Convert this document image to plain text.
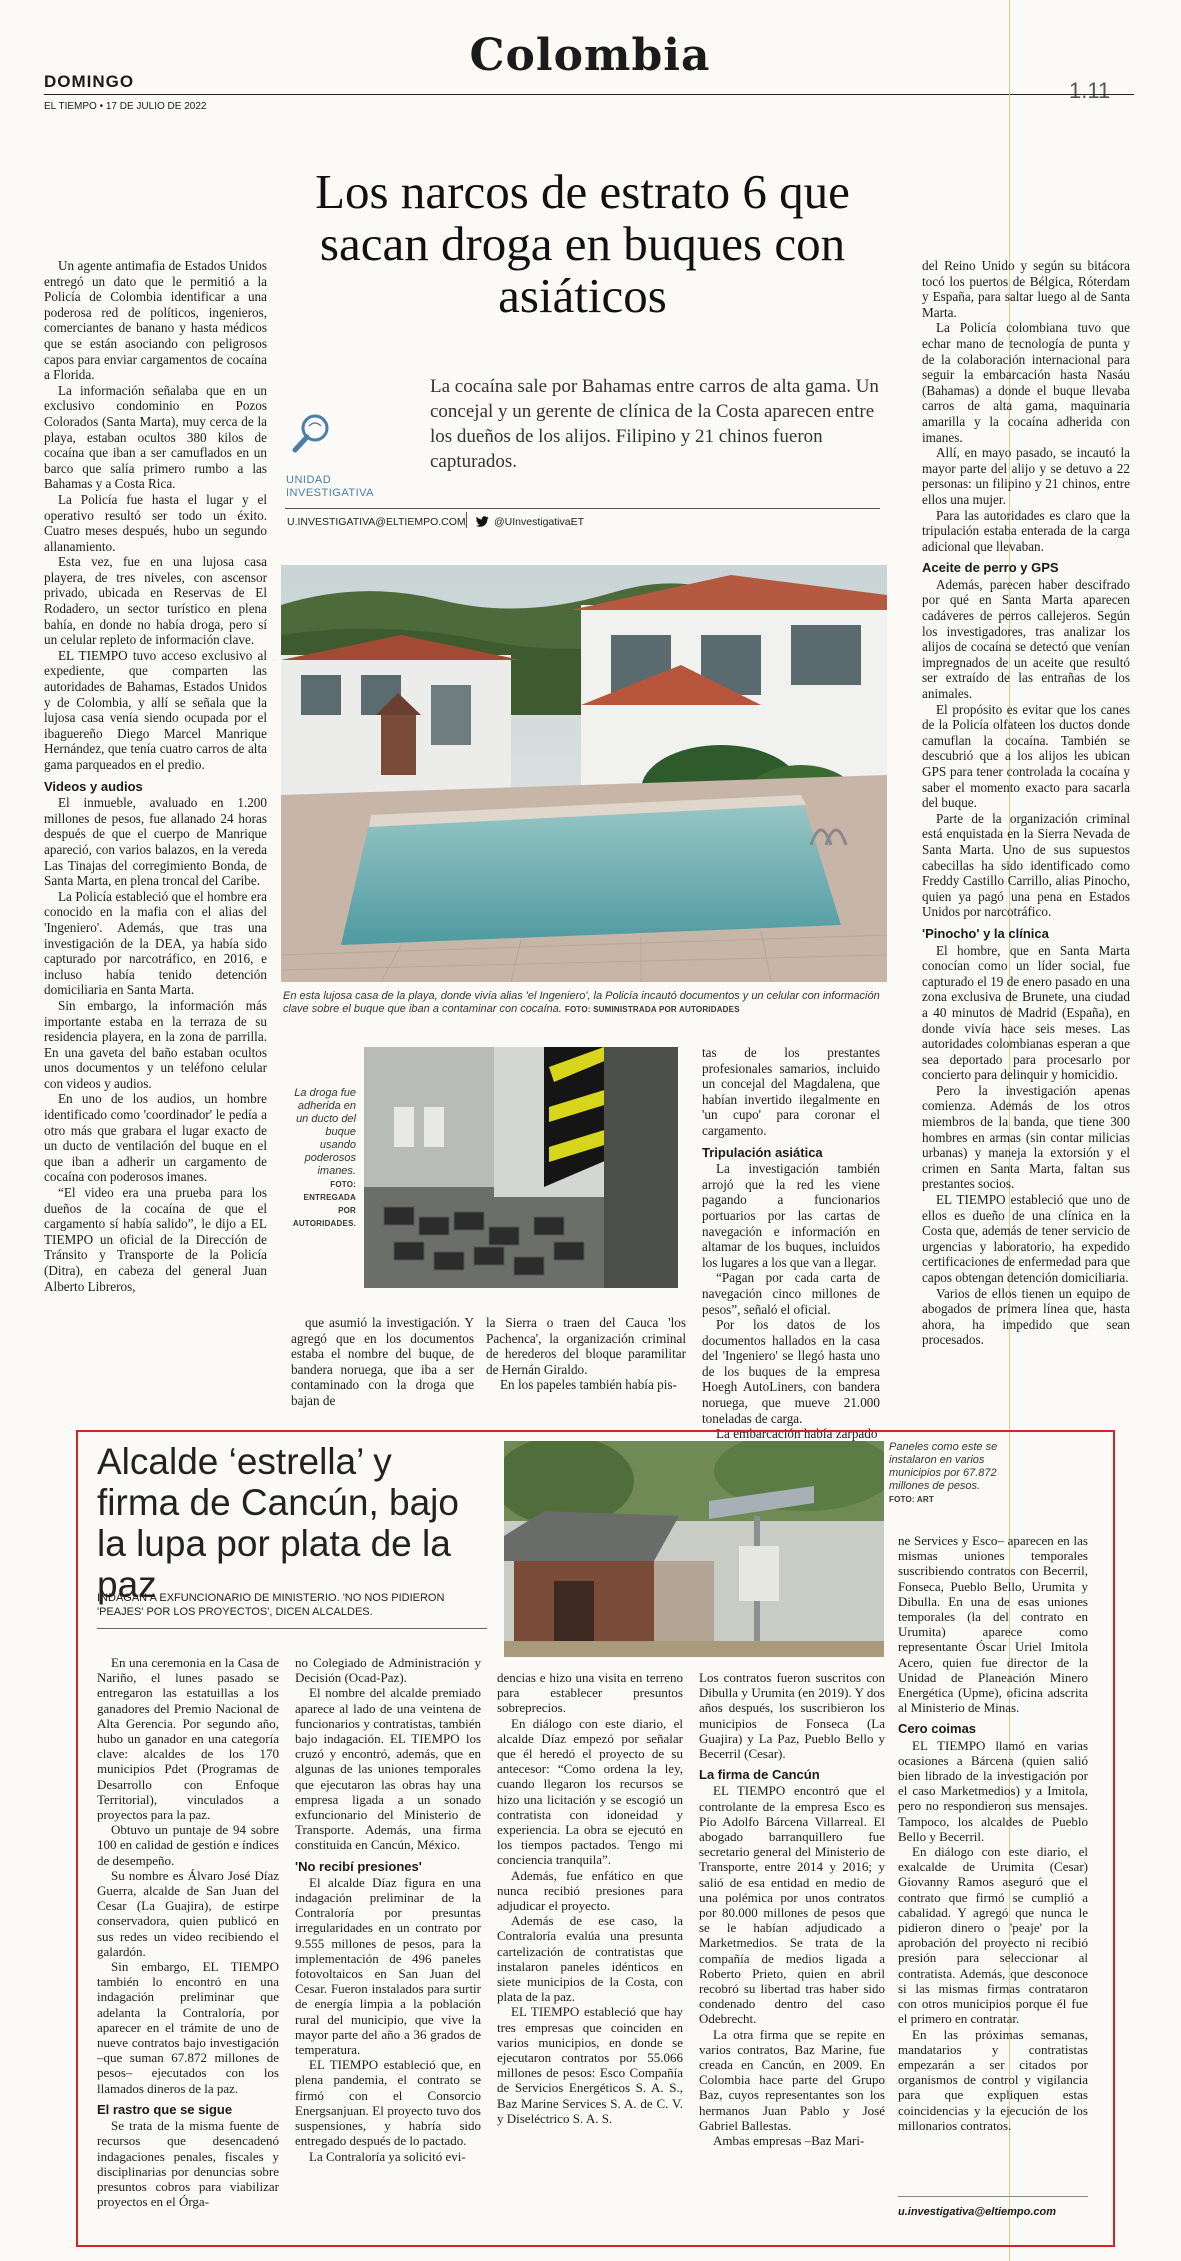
DOMINGO
EL TIEMPO • 17 DE JULIO DE 2022
Colombia
1.11
Los narcos de estrato 6 que sacan droga en buques con asiáticos
La cocaína sale por Bahamas entre carros de alta gama. Un concejal y un gerente de clínica de la Costa aparecen entre los dueños de los alijos. Filipino y 21 chinos fueron capturados.
UNIDAD
INVESTIGATIVA
U.INVESTIGATIVA@ELTIEMPO.COM	@UInvestigativaET
En esta lujosa casa de la playa, donde vivía alias 'el Ingeniero', la Policía incautó documentos y un celular con información clave sobre el buque que iban a contaminar con cocaína. FOTO: SUMINISTRADA POR AUTORIDADES
La droga fue adherida en un ducto del buque usando poderosos imanes. FOTO: ENTREGADA POR AUTORIDADES.

Un agente antimafia de Estados Unidos entregó un dato que le permitió a la Policía de Colombia identificar a una poderosa red de políticos, ingenieros, comerciantes de banano y hasta médicos que se están asociando con peligrosos capos para enviar cargamentos de cocaína a Florida.

La información señalaba que en un exclusivo condominio en Pozos Colorados (Santa Marta), muy cerca de la playa, estaban ocultos 380 kilos de cocaína que iban a ser camuflados en un barco que salía primero rumbo a las Bahamas y a Costa Rica.

La Policía fue hasta el lugar y el operativo resultó ser todo un éxito. Cuatro meses después, hubo un segundo allanamiento.

Esta vez, fue en una lujosa casa playera, de tres niveles, con ascensor privado, ubicada en Reservas de El Rodadero, un sector turístico en plena bahía, en donde no había droga, pero sí un celular repleto de información clave.

EL TIEMPO tuvo acceso exclusivo al expediente, que comparten las autoridades de Bahamas, Estados Unidos y de Colombia, y allí se señala que la lujosa casa venía siendo ocupada por el ibaguereño Diego Marcel Manrique Hernández, que tenía cuatro carros de alta gama parqueados en el predio.

Videos y audios

El inmueble, avaluado en 1.200 millones de pesos, fue allanado 24 horas después de que el cuerpo de Manrique apareció, con varios balazos, en la vereda Las Tinajas del corregimiento Bonda, de Santa Marta, en plena troncal del Caribe.

La Policía estableció que el hombre era conocido en la mafia con el alias del 'Ingeniero'. Además, que tras una investigación de la DEA, ya había sido capturado por narcotráfico, en 2016, e incluso había tenido detención domiciliaria en Santa Marta.

Sin embargo, la información más importante estaba en la terraza de su residencia playera, en la zona de parrilla. En una gaveta del baño estaban ocultos unos documentos y un teléfono celular con videos y audios.

En uno de los audios, un hombre identificado como 'coordinador' le pedía a otro más que grabara el lugar exacto de un ducto de ventilación del buque en el que iban a adherir un cargamento de cocaína con poderosos imanes.

“El video era una prueba para los dueños de la cocaína de que el cargamento sí había salido”, le dijo a EL TIEMPO un oficial de la Dirección de Tránsito y Transporte de la Policía (Ditra), en cabeza del general Juan Alberto Libreros,

que asumió la investigación. Y agregó que en los documentos estaba el nombre del buque, de bandera noruega, que iba a ser contaminado con la droga que bajan de

la Sierra o traen del Cauca 'los Pachenca', la organización criminal de herederos del bloque paramilitar de Hernán Giraldo.

En los papeles también había pis-

tas de los prestantes profesionales samarios, incluido un concejal del Magdalena, que habían invertido ilegalmente en 'un cupo' para coronar el cargamento.

Tripulación asiática

La investigación también arrojó que la red les viene pagando a funcionarios portuarios por las cartas de navegación e información en altamar de los buques, incluidos los lugares a los que van a llegar.

“Pagan por cada carta de navegación cinco millones de pesos”, señaló el oficial.

Por los datos de los documentos hallados en la casa del 'Ingeniero' se llegó hasta uno de los buques de la empresa Hoegh AutoLiners, con bandera noruega, que mueve 21.000 toneladas de carga.

La embarcación había zarpado

del Reino Unido y según su bitácora tocó los puertos de Bélgica, Róterdam y España, para saltar luego al de Santa Marta.

La Policía colombiana tuvo que echar mano de tecnología de punta y de la colaboración internacional para seguir la embarcación hasta Nasáu (Bahamas) a donde el buque llevaba carros de alta gama, maquinaria amarilla y la cocaína adherida con imanes.

Allí, en mayo pasado, se incautó la mayor parte del alijo y se detuvo a 22 personas: un filipino y 21 chinos, entre ellos una mujer.

Para las autoridades es claro que la tripulación estaba enterada de la carga adicional que llevaban.

Aceite de perro y GPS

Además, parecen haber descifrado por qué en Santa Marta aparecen cadáveres de perros callejeros. Según los investigadores, tras analizar los alijos de cocaína se detectó que venían impregnados de un aceite que resultó ser extraído de las entrañas de los animales.

El propósito es evitar que los canes de la Policía olfateen los ductos donde camuflan la cocaína. También se descubrió que a los alijos les ubican GPS para tener controlada la cocaína y saber el momento exacto para sacarla del buque.

Parte de la organización criminal está enquistada en la Sierra Nevada de Santa Marta. Uno de sus supuestos cabecillas ha sido identificado como Freddy Castillo Carrillo, alias Pinocho, quien ya pagó una pena en Estados Unidos por narcotráfico.

'Pinocho' y la clínica

El hombre, que en Santa Marta conocían como un líder social, fue capturado el 19 de enero pasado en una zona exclusiva de Brunete, una ciudad a 40 minutos de Madrid (España), en donde vivía hace seis meses. Las autoridades colombianas esperan a que sea deportado para procesarlo por concierto para delinquir y homicidio.

Pero la investigación apenas comienza. Además de los otros miembros de la banda, que tiene 300 hombres en armas (sin contar milicias urbanas) y maneja la extorsión y el crimen en Santa Marta, faltan sus prestantes socios.

EL TIEMPO estableció que uno de ellos es dueño de una clínica en la Costa que, además de tener servicio de urgencias y laboratorio, ha expedido certificaciones de enfermedad para que capos obtengan detención domiciliaria.

Varios de ellos tienen un equipo de abogados de primera línea que, hasta ahora, ha impedido que sean procesados.

Alcalde ‘estrella’ y firma de Cancún, bajo la lupa por plata de la paz
INDAGAN A EXFUNCIONARIO DE MINISTERIO. 'NO NOS PIDIERON 'PEAJES' POR LOS PROYECTOS', DICEN ALCALDES.
Paneles como este se instalaron en varios municipios por 67.872 millones de pesos. FOTO: ART

En una ceremonia en la Casa de Nariño, el lunes pasado se entregaron las estatuillas a los ganadores del Premio Nacional de Alta Gerencia. Por segundo año, hubo un ganador en una categoría clave: alcaldes de los 170 municipios Pdet (Programas de Desarrollo con Enfoque Territorial), vinculados a proyectos para la paz.

Obtuvo un puntaje de 94 sobre 100 en calidad de gestión e índices de desempeño.

Su nombre es Álvaro José Díaz Guerra, alcalde de San Juan del Cesar (La Guajira), de estirpe conservadora, quien publicó en sus redes un video recibiendo el galardón.

Sin embargo, EL TIEMPO también lo encontró en una indagación preliminar que adelanta la Contraloría, por aparecer en el trámite de uno de nueve contratos bajo investigación –que suman 67.872 millones de pesos– ejecutados con los llamados dineros de la paz.

El rastro que se sigue

Se trata de la misma fuente de recursos que desencadenó indagaciones penales, fiscales y disciplinarias por denuncias sobre presuntos cobros para viabilizar proyectos en el Órga-

no Colegiado de Administración y Decisión (Ocad-Paz).

El nombre del alcalde premiado aparece al lado de una veintena de funcionarios y contratistas, también bajo indagación. EL TIEMPO los cruzó y encontró, además, que en algunas de las uniones temporales que ejecutaron las obras hay una empresa ligada a un sonado exfuncionario del Ministerio de Transporte. Además, una firma constituida en Cancún, México.

'No recibí presiones'

El alcalde Díaz figura en una indagación preliminar de la Contraloría por presuntas irregularidades en un contrato por 9.555 millones de pesos, para la implementación de 496 paneles fotovoltaicos en San Juan del Cesar. Fueron instalados para surtir de energía limpia a la población rural del municipio, que vive la mayor parte del año a 36 grados de temperatura.

EL TIEMPO estableció que, en plena pandemia, el contrato se firmó con el Consorcio Energsanjuan. El proyecto tuvo dos suspensiones, y habría sido entregado después de lo pactado.

La Contraloría ya solicitó evi-

dencias e hizo una visita en terreno para establecer presuntos sobreprecios.

En diálogo con este diario, el alcalde Díaz empezó por señalar que él heredó el proyecto de su antecesor: “Como ordena la ley, cuando llegaron los recursos se hizo una licitación y se escogió un contratista con idoneidad y experiencia. La obra se ejecutó en los tiempos pactados. Tengo mi conciencia tranquila”.

Además, fue enfático en que nunca recibió presiones para adjudicar el proyecto.

Además de ese caso, la Contraloría evalúa una presunta cartelización de contratistas que instalaron paneles idénticos en siete municipios de la Costa, con plata de la paz.

EL TIEMPO estableció que hay tres empresas que coinciden en varios municipios, en donde se ejecutaron contratos por 55.066 millones de pesos: Esco Compañía de Servicios Energéticos S. A. S., Baz Marine Services S. A. de C. V. y Diseléctrico S. A. S.

Los contratos fueron suscritos con Dibulla y Urumita (en 2019). Y dos años después, los suscribieron los municipios de Fonseca (La Guajira) y La Paz, Pueblo Bello y Becerril (Cesar).

La firma de Cancún

EL TIEMPO encontró que el controlante de la empresa Esco es Pío Adolfo Bárcena Villarreal. El abogado barranquillero fue secretario general del Ministerio de Transporte, entre 2014 y 2016; y salió de esa entidad en medio de una polémica por unos contratos por 80.000 millones de pesos que se le habían adjudicado a Marketmedios. Se trata de la compañía de medios ligada a Roberto Prieto, quien en abril recobró su libertad tras haber sido condenado dentro del caso Odebrecht.

La otra firma que se repite en varios contratos, Baz Marine, fue creada en Cancún, en 2009. En Colombia hace parte del Grupo Baz, cuyos representantes son los hermanos Juan Pablo y José Gabriel Ballestas.

Ambas empresas –Baz Mari-

ne Services y Esco– aparecen en las mismas uniones temporales suscribiendo contratos con Becerril, Fonseca, Pueblo Bello, Urumita y Dibulla. En una de esas uniones temporales (la del contrato en Urumita) aparece como representante Óscar Uriel Imitola Acero, quien fue director de la Unidad de Planeación Minero Energética (Upme), oficina adscrita al Ministerio de Minas.

Cero coimas

EL TIEMPO llamó en varias ocasiones a Bárcena (quien salió bien librado de la investigación por el caso Marketmedios) y a Imitola, pero no respondieron sus mensajes. Tampoco, los alcaldes de Pueblo Bello y Becerril.

En diálogo con este diario, el exalcalde de Urumita (Cesar) Giovanny Ramos aseguró que el contrato que firmó se cumplió a cabalidad. Y agregó que nunca le pidieron dinero o 'peaje' por la aprobación del proyecto ni recibió presión para seleccionar al contratista. Además, que desconoce si las mismas firmas contrataron con otros municipios porque él fue el primero en contratar.

En las próximas semanas, mandatarios y contratistas empezarán a ser citados por organismos de control y vigilancia para que expliquen estas coincidencias y la ejecución de los millonarios contratos.

u.investigativa@eltiempo.com
